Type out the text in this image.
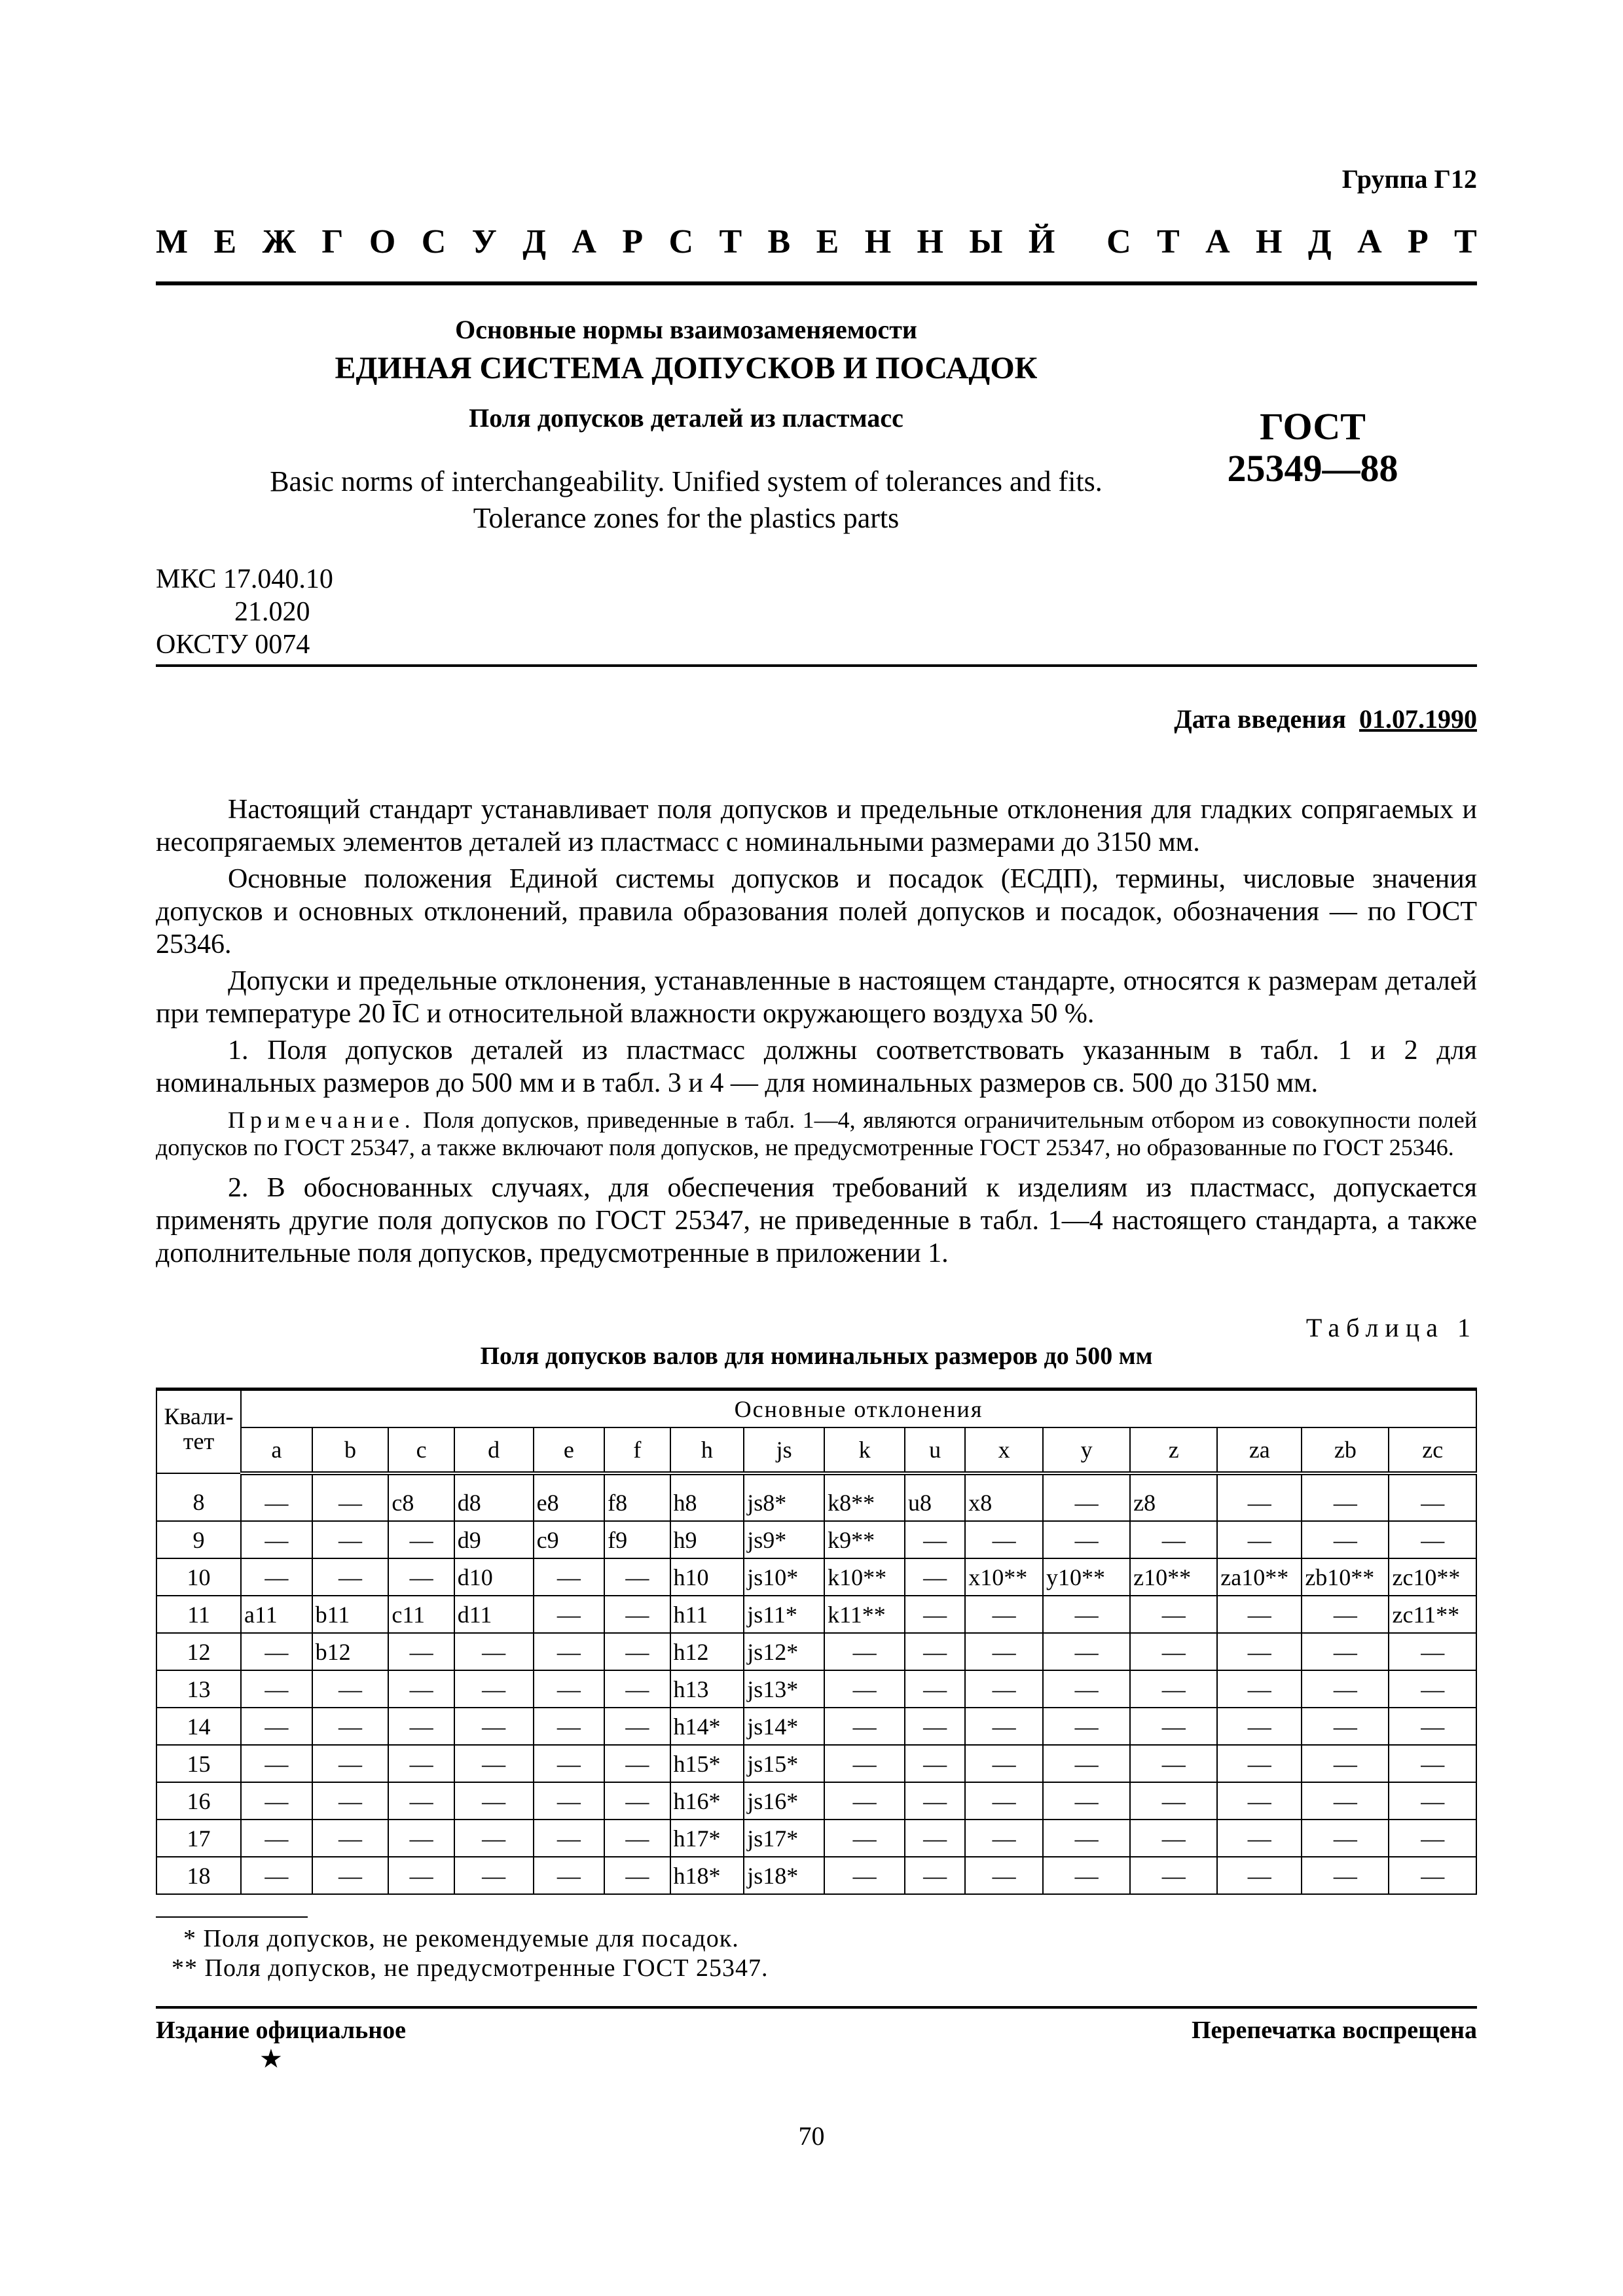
Группа Г12
М Е Ж Г О С У Д А Р С Т В Е Н Н Ы Й С Т А Н Д А Р Т
Основные нормы взаимозаменяемости
ЕДИНАЯ СИСТЕМА ДОПУСКОВ И ПОСАДОК
Поля допусков деталей из пластмасс
Basic norms of interchangeability. Unified system of tolerances and fits.
Tolerance zones for the plastics parts
ГОСТ
25349—88
МКС 17.040.10
21.020
ОКСТУ 0074
Дата введения 01.07.1990

Настоящий стандарт устанавливает поля допусков и предельные отклонения для гладких сопрягаемых и несопрягаемых элементов деталей из пластмасс с номинальными размерами до 3150 мм.

Основные положения Единой системы допусков и посадок (ЕСДП), термины, числовые значения допусков и основных отклонений, правила образования полей допусков и посадок, обозначения — по ГОСТ 25346.

Допуски и предельные отклонения, устанавленные в настоящем стандарте, относятся к размерам деталей при температуре 20 ĪC и относительной влажности окружающего воздуха 50 %.

1. Поля допусков деталей из пластмасс должны соответствовать указанным в табл. 1 и 2 для номинальных размеров до 500 мм и в табл. 3 и 4 — для номинальных размеров св. 500 до 3150 мм.

Примечание. Поля допусков, приведенные в табл. 1—4, являются ограничительным отбором из совокупности полей допусков по ГОСТ 25347, а также включают поля допусков, не предусмотренные ГОСТ 25347, но образованные по ГОСТ 25346.

2. В обоснованных случаях, для обеспечения требований к изделиям из пластмасс, допускается применять другие поля допусков по ГОСТ 25347, не приведенные в табл. 1—4 настоящего стандарта, а также дополнительные поля допусков, предусмотренные в приложении 1.

Таблица 1
Поля допусков валов для номинальных размеров до 500 мм
Квали-
тет	Основные отклонения															
	a	b	c	d	e	f	h	js	k	u	x	y	z	za	zb	zc
8	—	—	c8	d8	e8	f8	h8	js8*	k8**	u8	x8	—	z8	—	—	—
9	—	—	—	d9	c9	f9	h9	js9*	k9**	—	—	—	—	—	—	—
10	—	—	—	d10	—	—	h10	js10*	k10**	—	x10**	y10**	z10**	za10**	zb10**	zc10**
11	a11	b11	c11	d11	—	—	h11	js11*	k11**	—	—	—	—	—	—	zc11**
12	—	b12	—	—	—	—	h12	js12*	—	—	—	—	—	—	—	—
13	—	—	—	—	—	—	h13	js13*	—	—	—	—	—	—	—	—
14	—	—	—	—	—	—	h14*	js14*	—	—	—	—	—	—	—	—
15	—	—	—	—	—	—	h15*	js15*	—	—	—	—	—	—	—	—
16	—	—	—	—	—	—	h16*	js16*	—	—	—	—	—	—	—	—
17	—	—	—	—	—	—	h17*	js17*	—	—	—	—	—	—	—	—
18	—	—	—	—	—	—	h18*	js18*	—	—	—	—	—	—	—	—
* Поля допусков, не рекомендуемые для посадок.
** Поля допусков, не предусмотренные ГОСТ 25347.
Издание официальное
★
Перепечатка воспрещена
70
